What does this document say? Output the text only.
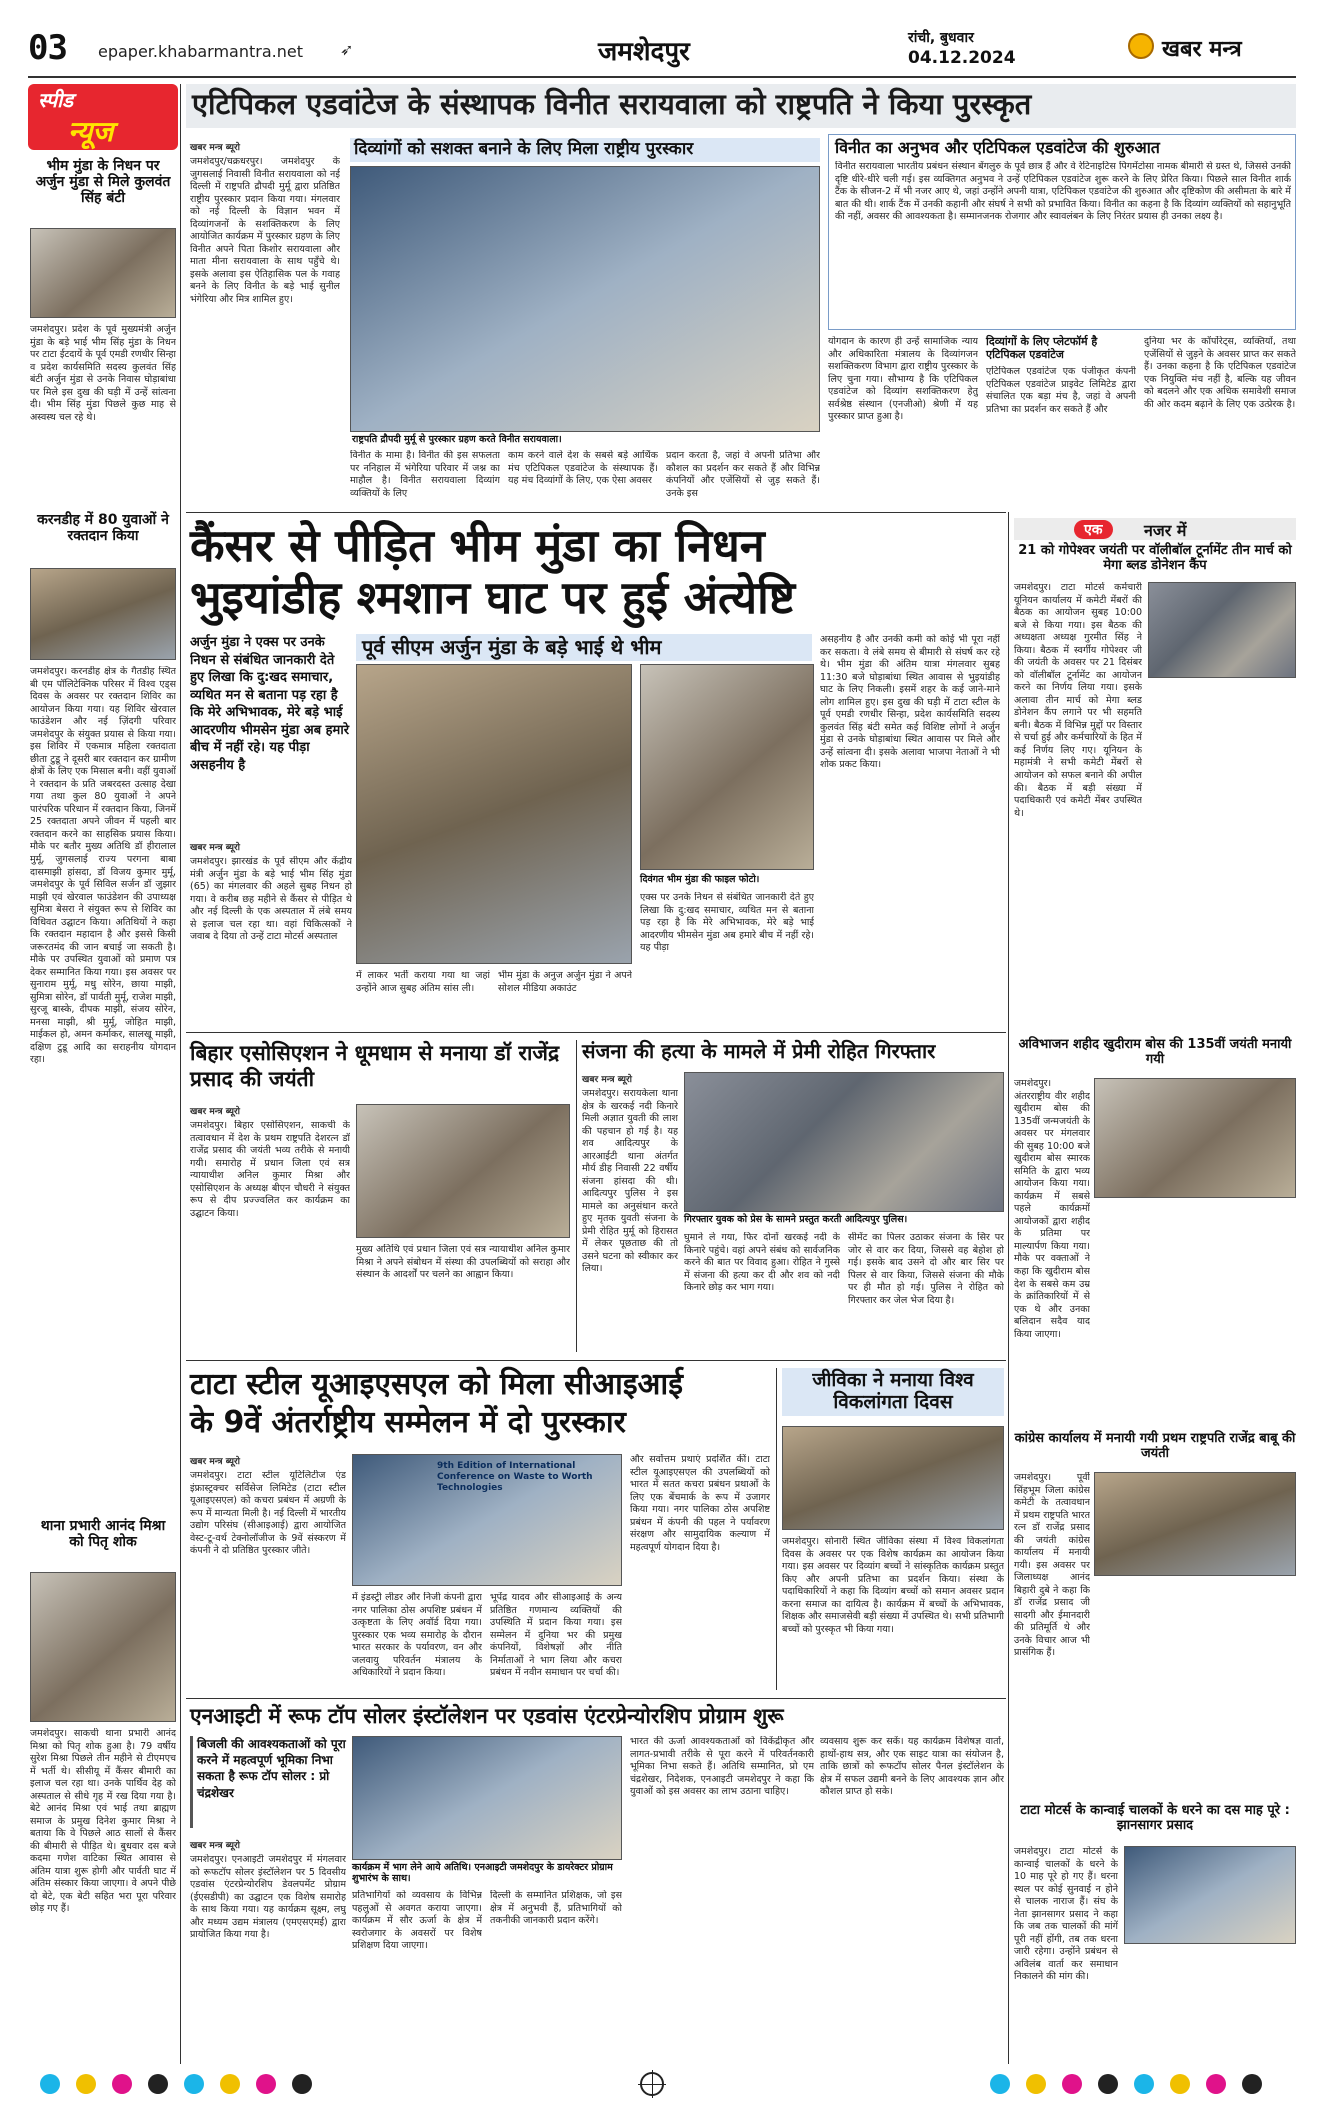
03 epaper.khabarmantra.net ➶	जमशेदपुर	रांची, बुधवार
04.12.2024	खबर मन्त्र
स्पीड
न्यूज
भीम मुंडा के निधन पर अर्जुन मुंडा से मिले कुलवंत सिंह बंटी
जमशेदपुर। प्रदेश के पूर्व मुख्यमंत्री अर्जुन मुंडा के बड़े भाई भीम सिंह मुंडा के निधन पर टाटा ईटदायें के पूर्व एमडी रणधीर सिन्हा व प्रदेश कार्यसमिति सदस्य कुलवंत सिंह बंटी अर्जुन मुंडा से उनके निवास घोड़ाबांधा पर मिले इस दुख की घड़ी में उन्हें सांत्वना दी। भीम सिंह मुंडा पिछले कुछ माह से अस्वस्थ चल रहे थे।
करनडीह में 80 युवाओं ने रक्तदान किया
जमशेदपुर। करनडीह क्षेत्र के गैतडीह स्थित बी एम पॉलिटेक्निक परिसर में विश्व एड्स दिवस के अवसर पर रक्तदान शिविर का आयोजन किया गया। यह शिविर खेरवाल फाउंडेशन और नई ज़िंदगी परिवार जमशेदपुर के संयुक्त प्रयास से किया गया। इस शिविर में एकमात्र महिला रक्तदाता छीता टुडू ने दूसरी बार रक्तदान कर ग्रामीण क्षेत्रों के लिए एक मिसाल बनी। वहीं युवाओं ने रक्तदान के प्रति जबरदस्त उत्साह देखा गया तथा कुल 80 युवाओं ने अपने पारंपरिक परिधान में रक्तदान किया, जिनमें 25 रक्तदाता अपने जीवन में पहली बार रक्तदान करने का साहसिक प्रयास किया। मौके पर बतौर मुख्य अतिथि डॉ हीरालाल मुर्मू, जुगसलाई राज्य परगना बाबा दासमाझी हांसदा, डॉ विजय कुमार मुर्मू, जमशेदपुर के पूर्व सिविल सर्जन डॉ जुझार माझी एवं खेरवाल फाउंडेशन की उपाध्यक्ष सुमित्रा बेसरा ने संयुक्त रूप से शिविर का विधिवत उद्घाटन किया। अतिथियों ने कहा कि रक्तदान महादान है और इससे किसी जरूरतमंद की जान बचाई जा सकती है। मौके पर उपस्थित युवाओं को प्रमाण पत्र देकर सम्मानित किया गया। इस अवसर पर सुनाराम मुर्मू, मधु सोरेन, छाया माझी, सुमित्रा सोरेन, डॉ पार्वती मुर्मू, राजेश माझी, सुरजू बास्के, दीपक माझी, संजय सोरेन, मनसा माझी, श्री मुर्मू, जोहित माझी, माईकल हो, अमन कर्माकर, सालखू माझी, दक्षिण टुडू आदि का सराहनीय योगदान रहा।
थाना प्रभारी आनंद मिश्रा को पितृ शोक
जमशेदपुर। साकची थाना प्रभारी आनंद मिश्रा को पितृ शोक हुआ है। 79 वर्षीय सुरेश मिश्रा पिछले तीन महीने से टीएमएच में भर्ती थे। सीसीयू में कैंसर बीमारी का इलाज चल रहा था। उनके पार्थिव देह को अस्पताल से सीधे गृह में रख दिया गया है। बेटे आनंद मिश्रा एवं भाई तथा ब्राह्मण समाज के प्रमुख दिनेश कुमार मिश्रा ने बताया कि वे पिछले आठ सालों से कैंसर की बीमारी से पीड़ित थे। बुधवार दस बजे कदमा गणेश वाटिका स्थित आवास से अंतिम यात्रा शुरू होगी और पार्वती घाट में अंतिम संस्कार किया जाएगा। वे अपने पीछे दो बेटे, एक बेटी सहित भरा पूरा परिवार छोड़ गए हैं।
एटिपिकल एडवांटेज के संस्थापक विनीत सरायवाला को राष्ट्रपति ने किया पुरस्कृत
खबर मन्त्र ब्यूरो
जमशेदपुर/चक्रधरपुर। जमशेदपुर के जुगसलाई निवासी विनीत सरायवाला को नई दिल्ली में राष्ट्रपति द्रौपदी मुर्मू द्वारा प्रतिष्ठित राष्ट्रीय पुरस्कार प्रदान किया गया। मंगलवार को नई दिल्ली के विज्ञान भवन में दिव्यांगजनों के सशक्तिकरण के लिए आयोजित कार्यक्रम में पुरस्कार ग्रहण के लिए विनीत अपने पिता किशोर सरायवाला और माता मीना सरायवाला के साथ पहुँचे थे। इसके अलावा इस ऐतिहासिक पल के गवाह बनने के लिए विनीत के बड़े भाई सुनील भंगेरिया और मित्र शामिल हुए।
दिव्यांगों को सशक्त बनाने के लिए मिला राष्ट्रीय पुरस्कार
राष्ट्रपति द्रौपदी मुर्मू से पुरस्कार ग्रहण करते विनीत सरायवाला।
विनीत के मामा है। विनीत की इस सफलता पर ननिहाल में भंगेरिया परिवार में जश्न का माहौल है। विनीत सरायवाला दिव्यांग व्यक्तियों के लिए
काम करने वाले देश के सबसे बड़े आर्थिक मंच एटिपिकल एडवांटेज के संस्थापक हैं। यह मंच दिव्यांगों के लिए, एक ऐसा अवसर
प्रदान करता है, जहां वे अपनी प्रतिभा और कौशल का प्रदर्शन कर सकते हैं और विभिन्न कंपनियों और एजेंसियों से जुड़ सकते हैं। उनके इस
विनीत का अनुभव और एटिपिकल एडवांटेज की शुरुआत
विनीत सरायवाला भारतीय प्रबंधन संस्थान बेंगलुरु के पूर्व छात्र हैं और वे रेटिनाइटिस पिगमेंटोसा नामक बीमारी से ग्रस्त थे, जिससे उनकी दृष्टि धीरे-धीरे चली गई। इस व्यक्तिगत अनुभव ने उन्हें एटिपिकल एडवांटेज शुरू करने के लिए प्रेरित किया। पिछले साल विनीत शार्क टैंक के सीजन-2 में भी नजर आए थे, जहां उन्होंने अपनी यात्रा, एटिपिकल एडवांटेज की शुरुआत और दृष्टिकोण की असीमता के बारे में बात की थी। शार्क टैंक में उनकी कहानी और संघर्ष ने सभी को प्रभावित किया। विनीत का कहना है कि दिव्यांग व्यक्तियों को सहानुभूति की नहीं, अवसर की आवश्यकता है। सम्मानजनक रोजगार और स्वावलंबन के लिए निरंतर प्रयास ही उनका लक्ष्य है।
योगदान के कारण ही उन्हें सामाजिक न्याय और अधिकारिता मंत्रालय के दिव्यांगजन सशक्तिकरण विभाग द्वारा राष्ट्रीय पुरस्कार के लिए चुना गया। सौभाग्य है कि एटिपिकल एडवांटेज को दिव्यांग सशक्तिकरण हेतु सर्वश्रेष्ठ संस्थान (एनजीओ) श्रेणी में यह पुरस्कार प्राप्त हुआ है।
दिव्यांगों के लिए प्लेटफॉर्म है एटिपिकल एडवांटेज
एटिपिकल एडवांटेज एक पंजीकृत कंपनी एटिपिकल एडवांटेज प्राइवेट लिमिटेड द्वारा संचालित एक बड़ा मंच है, जहां वे अपनी प्रतिभा का प्रदर्शन कर सकते हैं और
दुनिया भर के कॉर्पोरेट्स, व्यक्तियों, तथा एजेंसियों से जुड़ने के अवसर प्राप्त कर सकते हैं। उनका कहना है कि एटिपिकल एडवांटेज एक नियुक्ति मंच नहीं है, बल्कि यह जीवन को बदलने और एक अधिक समावेशी समाज की ओर कदम बढ़ाने के लिए एक उत्प्रेरक है।
कैंसर से पीड़ित भीम मुंडा का निधन
भुइयांडीह श्मशान घाट पर हुई अंत्येष्टि
अर्जुन मुंडा ने एक्स पर उनके निधन से संबंधित जानकारी देते हुए लिखा कि दु:खद समाचार, व्यथित मन से बताना पड़ रहा है कि मेरे अभिभावक, मेरे बड़े भाई आदरणीय भीमसेन मुंडा अब हमारे बीच में नहीं रहे। यह पीड़ा असहनीय है
खबर मन्त्र ब्यूरो
जमशेदपुर। झारखंड के पूर्व सीएम और केंद्रीय मंत्री अर्जुन मुंडा के बड़े भाई भीम सिंह मुंडा (65) का मंगलवार की अहले सुबह निधन हो गया। वे करीब छह महीने से कैंसर से पीड़ित थे और नई दिल्ली के एक अस्पताल में लंबे समय से इलाज चल रहा था। वहां चिकित्सकों ने जवाब दे दिया तो उन्हें टाटा मोटर्स अस्पताल
पूर्व सीएम अर्जुन मुंडा के बड़े भाई थे भीम
दिवंगत भीम मुंडा की फाइल फोटो।
एक्स पर उनके निधन से संबंधित जानकारी देते हुए लिखा कि दु:खद समाचार, व्यथित मन से बताना पड़ रहा है कि मेरे अभिभावक, मेरे बड़े भाई आदरणीय भीमसेन मुंडा अब हमारे बीच में नहीं रहे। यह पीड़ा
में लाकर भर्ती कराया गया था जहां उन्होंने आज सुबह अंतिम सांस ली।
भीम मुंडा के अनुज अर्जुन मुंडा ने अपने सोशल मीडिया अकाउंट
असहनीय है और उनकी कमी को कोई भी पूरा नहीं कर सकता। वे लंबे समय से बीमारी से संघर्ष कर रहे थे। भीम मुंडा की अंतिम यात्रा मंगलवार सुबह 11:30 बजे घोड़ाबांधा स्थित आवास से भुइयांडीह घाट के लिए निकली। इसमें शहर के कई जाने-माने लोग शामिल हुए। इस दुख की घड़ी में टाटा स्टील के पूर्व एमडी रणधीर सिन्हा, प्रदेश कार्यसमिति सदस्य कुलवंत सिंह बंटी समेत कई विशिष्ट लोगों ने अर्जुन मुंडा से उनके घोड़ाबांधा स्थित आवास पर मिले और उन्हें सांत्वना दी। इसके अलावा भाजपा नेताओं ने भी शोक प्रकट किया।
एक	नजर में
21 को गोपेश्वर जयंती पर वॉलीबॉल टूर्नामेंट तीन मार्च को मेगा ब्लड डोनेशन कैंप
जमशेदपुर। टाटा मोटर्स कर्मचारी यूनियन कार्यालय में कमेटी मेंबरों की बैठक का आयोजन सुबह 10:00 बजे से किया गया। इस बैठक की अध्यक्षता अध्यक्ष गुरमीत सिंह ने किया। बैठक में स्वर्गीय गोपेश्वर जी की जयंती के अवसर पर 21 दिसंबर को वॉलीबॉल टूर्नामेंट का आयोजन करने का निर्णय लिया गया। इसके अलावा तीन मार्च को मेगा ब्लड डोनेशन कैंप लगाने पर भी सहमति बनी। बैठक में विभिन्न मुद्दों पर विस्तार से चर्चा हुई और कर्मचारियों के हित में कई निर्णय लिए गए। यूनियन के महामंत्री ने सभी कमेटी मेंबरों से आयोजन को सफल बनाने की अपील की। बैठक में बड़ी संख्या में पदाधिकारी एवं कमेटी मेंबर उपस्थित थे।
अविभाजन शहीद खुदीराम बोस की 135वीं जयंती मनायी गयी
जमशेदपुर। अंतरराष्ट्रीय वीर शहीद खुदीराम बोस की 135वीं जन्मजयंती के अवसर पर मंगलवार की सुबह 10:00 बजे खुदीराम बोस स्मारक समिति के द्वारा भव्य आयोजन किया गया। कार्यक्रम में सबसे पहले कार्यक्रमों आयोजकों द्वारा शहीद के प्रतिमा पर माल्यार्पण किया गया। मौके पर वक्ताओं ने कहा कि खुदीराम बोस देश के सबसे कम उम्र के क्रांतिकारियों में से एक थे और उनका बलिदान सदैव याद किया जाएगा।
कांग्रेस कार्यालय में मनायी गयी प्रथम राष्ट्रपति राजेंद्र बाबू की जयंती
जमशेदपुर। पूर्वी सिंहभूम जिला कांग्रेस कमेटी के तत्वावधान में प्रथम राष्ट्रपति भारत रत्न डॉ राजेंद्र प्रसाद की जयंती कांग्रेस कार्यालय में मनायी गयी। इस अवसर पर जिलाध्यक्ष आनंद बिहारी दुबे ने कहा कि डॉ राजेंद्र प्रसाद जी सादगी और ईमानदारी की प्रतिमूर्ति थे और उनके विचार आज भी प्रासंगिक हैं।
टाटा मोटर्स के कान्वाई चालकों के धरने का दस माह पूरे : झानसागर प्रसाद
जमशेदपुर। टाटा मोटर्स के कान्वाई चालकों के धरने के 10 माह पूरे हो गए हैं। धरना स्थल पर कोई सुनवाई न होने से चालक नाराज हैं। संघ के नेता झानसागर प्रसाद ने कहा कि जब तक चालकों की मांगें पूरी नहीं होंगी, तब तक धरना जारी रहेगा। उन्होंने प्रबंधन से अविलंब वार्ता कर समाधान निकालने की मांग की।
बिहार एसोसिएशन ने धूमधाम से मनाया डॉ राजेंद्र प्रसाद की जयंती
खबर मन्त्र ब्यूरो
जमशेदपुर। बिहार एसोसिएशन, साकची के तत्वावधान में देश के प्रथम राष्ट्रपति देशरत्न डॉ राजेंद्र प्रसाद की जयंती भव्य तरीके से मनायी गयी। समारोह में प्रधान जिला एवं सत्र न्यायाधीश अनिल कुमार मिश्रा और एसोसिएशन के अध्यक्ष बीएन चौधरी ने संयुक्त रूप से दीप प्रज्ज्वलित कर कार्यक्रम का उद्घाटन किया।
मुख्य अतिथि एवं प्रधान जिला एवं सत्र न्यायाधीश अनिल कुमार मिश्रा ने अपने संबोधन में संस्था की उपलब्धियों को सराहा और संस्थान के आदर्शों पर चलने का आह्वान किया।
संजना की हत्या के मामले में प्रेमी रोहित गिरफ्तार
खबर मन्त्र ब्यूरो
जमशेदपुर। सरायकेला थाना क्षेत्र के खरकई नदी किनारे मिली अज्ञात युवती की लाश की पहचान हो गई है। यह शव आदित्यपुर के आरआईटी थाना अंतर्गत मौर्य डीह निवासी 22 वर्षीय संजना हांसदा की थी। आदित्यपुर पुलिस ने इस मामले का अनुसंधान करते हुए मृतक युवती संजना के प्रेमी रोहित मुर्मू को हिरासत में लेकर पूछताछ की तो उसने घटना को स्वीकार कर लिया।
गिरफ्तार युवक को प्रेस के सामने प्रस्तुत करती आदित्यपुर पुलिस।
घुमाने ले गया, फिर दोनों खरकई नदी के किनारे पहुंचे। वहां अपने संबंध को सार्वजनिक करने की बात पर विवाद हुआ। रोहित ने गुस्से में संजना की हत्या कर दी और शव को नदी किनारे छोड़ कर भाग गया।
सीमेंट का पिलर उठाकर संजना के सिर पर जोर से वार कर दिया, जिससे वह बेहोश हो गई। इसके बाद उसने दो और बार सिर पर पिलर से वार किया, जिससे संजना की मौके पर ही मौत हो गई। पुलिस ने रोहित को गिरफ्तार कर जेल भेज दिया है।
टाटा स्टील यूआइएसएल को मिला सीआइआई
के 9वें अंतर्राष्ट्रीय सम्मेलन में दो पुरस्कार
खबर मन्त्र ब्यूरो
जमशेदपुर। टाटा स्टील यूटिलिटीज एंड इंफ्रास्ट्रक्चर सर्विसेज लिमिटेड (टाटा स्टील यूआइएसएल) को कचरा प्रबंधन में अग्रणी के रूप में मान्यता मिली है। नई दिल्ली में भारतीय उद्योग परिसंघ (सीआइआई) द्वारा आयोजित वेस्ट-टू-वर्थ टेक्नोलॉजीज के 9वें संस्करण में कंपनी ने दो प्रतिष्ठित पुरस्कार जीते।
9th Edition of International Conference on Waste to Worth Technologies
में इंडस्ट्री लीडर और निजी कंपनी द्वारा नगर पालिका ठोस अपशिष्ट प्रबंधन में उत्कृष्टता के लिए अवॉर्ड दिया गया। पुरस्कार एक भव्य समारोह के दौरान भारत सरकार के पर्यावरण, वन और जलवायु परिवर्तन मंत्रालय के अधिकारियों ने प्रदान किया।
भूपेंद्र यादव और सीआइआई के अन्य प्रतिष्ठित गणमान्य व्यक्तियों की उपस्थिति में प्रदान किया गया। इस सम्मेलन में दुनिया भर की प्रमुख कंपनियों, विशेषज्ञों और नीति निर्माताओं ने भाग लिया और कचरा प्रबंधन में नवीन समाधान पर चर्चा की।
और सर्वोत्तम प्रथाएं प्रदर्शित कीं। टाटा स्टील यूआइएसएल की उपलब्धियों को भारत में सतत कचरा प्रबंधन प्रथाओं के लिए एक बेंचमार्क के रूप में उजागर किया गया। नगर पालिका ठोस अपशिष्ट प्रबंधन में कंपनी की पहल ने पर्यावरण संरक्षण और सामुदायिक कल्याण में महत्वपूर्ण योगदान दिया है।
जीविका ने मनाया विश्व विकलांगता दिवस
जमशेदपुर। सोनारी स्थित जीविका संस्था में विश्व विकलांगता दिवस के अवसर पर एक विशेष कार्यक्रम का आयोजन किया गया। इस अवसर पर दिव्यांग बच्चों ने सांस्कृतिक कार्यक्रम प्रस्तुत किए और अपनी प्रतिभा का प्रदर्शन किया। संस्था के पदाधिकारियों ने कहा कि दिव्यांग बच्चों को समान अवसर प्रदान करना समाज का दायित्व है। कार्यक्रम में बच्चों के अभिभावक, शिक्षक और समाजसेवी बड़ी संख्या में उपस्थित थे। सभी प्रतिभागी बच्चों को पुरस्कृत भी किया गया।
एनआइटी में रूफ टॉप सोलर इंस्टॉलेशन पर एडवांस एंटरप्रेन्योरशिप प्रोग्राम शुरू
बिजली की आवश्यकताओं को पूरा करने में महत्वपूर्ण भूमिका निभा सकता है रूफ टॉप सोलर : प्रो चंद्रशेखर
खबर मन्त्र ब्यूरो
जमशेदपुर। एनआइटी जमशेदपुर में मंगलवार को रूफटॉप सोलर इंस्टॉलेशन पर 5 दिवसीय एडवांस एंटरप्रेन्योरशिप डेवलपमेंट प्रोग्राम (ईएसडीपी) का उद्घाटन एक विशेष समारोह के साथ किया गया। यह कार्यक्रम सूक्ष्म, लघु और मध्यम उद्यम मंत्रालय (एमएसएमई) द्वारा प्रायोजित किया गया है।
कार्यक्रम में भाग लेने आये अतिथि। एनआइटी जमशेदपुर के डायरेक्टर प्रोग्राम शुभारंभ के साथ।
प्रतिभागियों को व्यवसाय के विभिन्न पहलुओं से अवगत कराया जाएगा। कार्यक्रम में सौर ऊर्जा के क्षेत्र में स्वरोजगार के अवसरों पर विशेष प्रशिक्षण दिया जाएगा।
दिल्ली के सम्मानित प्रशिक्षक, जो इस क्षेत्र में अनुभवी हैं, प्रतिभागियों को तकनीकी जानकारी प्रदान करेंगे।
भारत की ऊर्जा आवश्यकताओं को विकेंद्रीकृत और लागत-प्रभावी तरीके से पूरा करने में परिवर्तनकारी भूमिका निभा सकते हैं। अतिथि सम्मानित, प्रो एम चंद्रशेखर, निदेशक, एनआइटी जमशेदपुर ने कहा कि युवाओं को इस अवसर का लाभ उठाना चाहिए।
व्यवसाय शुरू कर सकें। यह कार्यक्रम विशेषज्ञ वार्ता, हाथों-हाथ सत्र, और एक साइट यात्रा का संयोजन है, ताकि छात्रों को रूफटॉप सोलर पैनल इंस्टॉलेशन के क्षेत्र में सफल उद्यमी बनने के लिए आवश्यक ज्ञान और कौशल प्राप्त हो सके।
